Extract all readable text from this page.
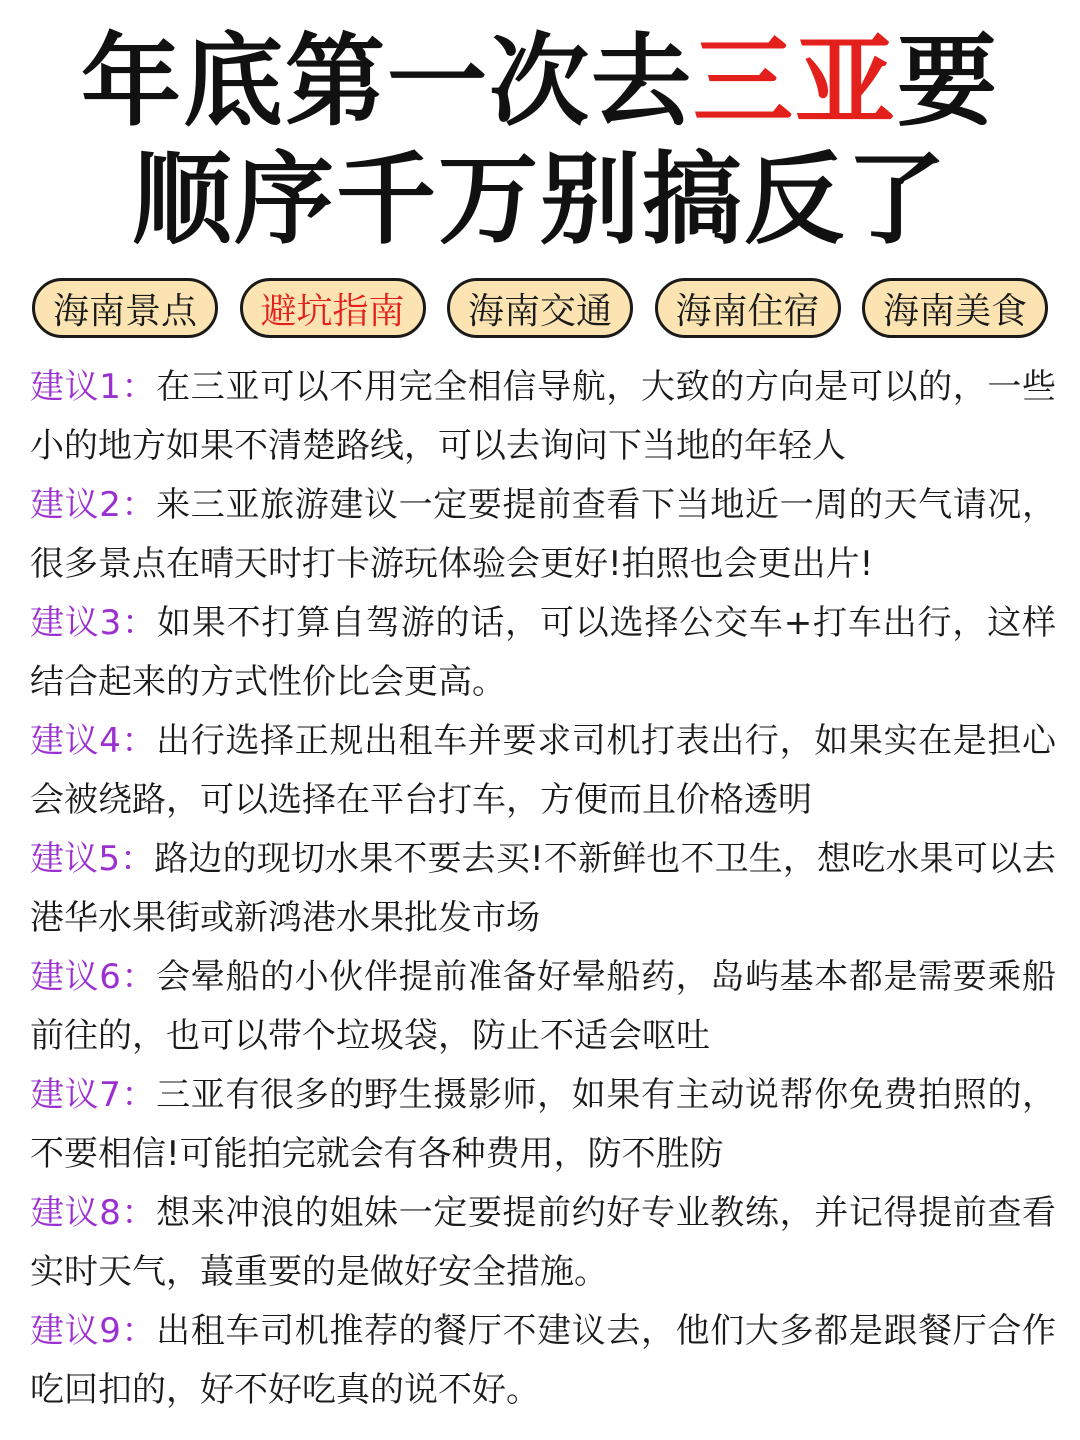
年底第一次去三亚要
顺序千万别搞反了
海南景点	避坑指南	海南交通	海南住宿	海南美食
建议1：在三亚可以不用完全相信导航，大致的方向是可以的，一些小的地方如果不清楚路线，可以去询问下当地的年轻人
建议2：来三亚旅游建议一定要提前查看下当地近一周的天气请况，很多景点在晴天时打卡游玩体验会更好!拍照也会更出片!
建议3：如果不打算自驾游的话，可以选择公交车+打车出行，这样结合起来的方式性价比会更高。
建议4：出行选择正规出租车并要求司机打表出行，如果实在是担心会被绕路，可以选择在平台打车，方便而且价格透明
建议5：路边的现切水果不要去买!不新鲜也不卫生，想吃水果可以去港华水果街或新鸿港水果批发市场
建议6：会晕船的小伙伴提前准备好晕船药，岛屿基本都是需要乘船前往的，也可以带个垃圾袋，防止不适会呕吐
建议7：三亚有很多的野生摄影师，如果有主动说帮你免费拍照的，不要相信!可能拍完就会有各种费用，防不胜防
建议8：想来冲浪的姐妹一定要提前约好专业教练，并记得提前查看实时天气，蕞重要的是做好安全措施。
建议9：出租车司机推荐的餐厅不建议去，他们大多都是跟餐厅合作吃回扣的，好不好吃真的说不好。
